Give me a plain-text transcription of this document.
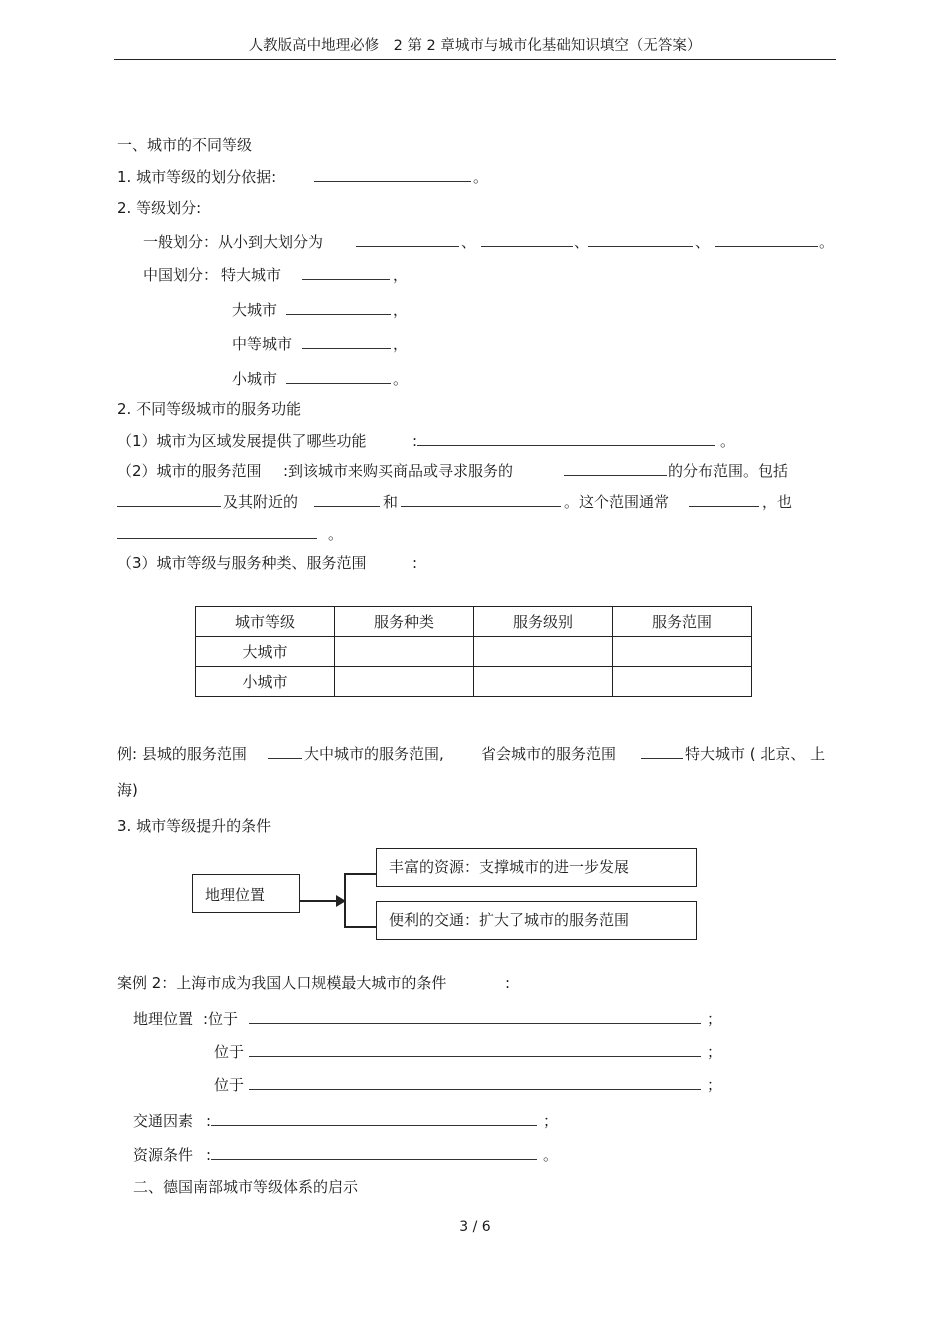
人教版高中地理必修　2 第 2 章城市与城市化基础知识填空（无答案）
一、城市的不同等级
1. 城市等级的划分依据:	。
2. 等级划分:
一般划分：从小到大划分为	、	、	、	。
中国划分： 特大城市	，
大城市	，
中等城市	，
小城市	。
2. 不同等级城市的服务功能
（1）城市为区域发展提供了哪些功能	:	。
（2）城市的服务范围 :到该城市来购买商品或寻求服务的	的分布范围。包括
及其附近的	和	。这个范围通常	，也
。
（3）城市等级与服务种类、服务范围	:
城市等级	服务种类	服务级别	服务范围
大城市			
小城市			
例: 县城的服务范围	大中城市的服务范围, 省会城市的服务范围	特大城市 ( 北京、 上
海)
3. 城市等级提升的条件
地理位置
丰富的资源：支撑城市的进一步发展
便利的交通：扩大了城市的服务范围
案例 2：上海市成为我国人口规模最大城市的条件	:
地理位置 :位于	；
位于	；
位于	；
交通因素 :	；
资源条件 :	。
二、德国南部城市等级体系的启示
3 / 6
